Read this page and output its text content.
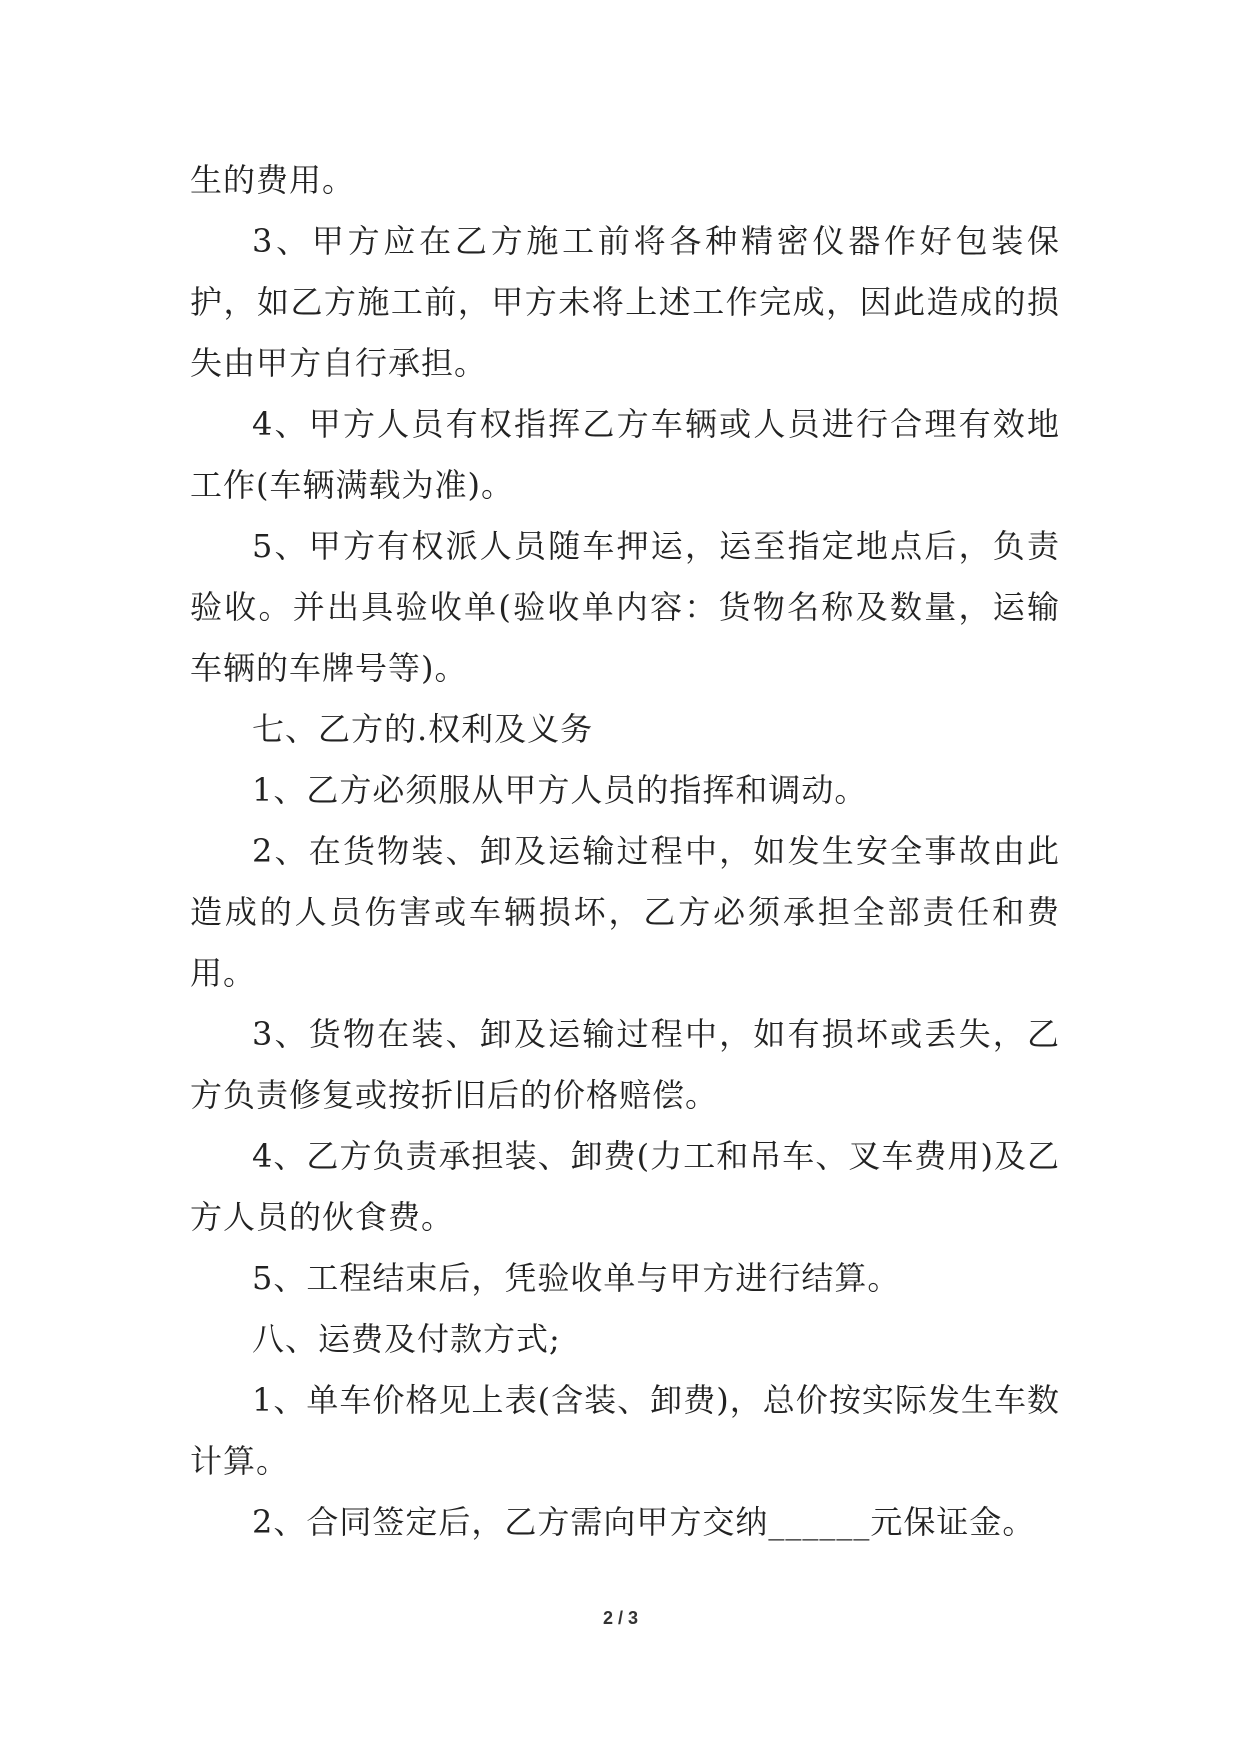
生的费用。

3、甲方应在乙方施工前将各种精密仪器作好包装保护，如乙方施工前，甲方未将上述工作完成，因此造成的损失由甲方自行承担。

4、甲方人员有权指挥乙方车辆或人员进行合理有效地工作(车辆满载为准)。

5、甲方有权派人员随车押运，运至指定地点后，负责验收。并出具验收单(验收单内容：货物名称及数量，运输车辆的车牌号等)。

七、乙方的.权利及义务

1、乙方必须服从甲方人员的指挥和调动。

2、在货物装、卸及运输过程中，如发生安全事故由此造成的人员伤害或车辆损坏，乙方必须承担全部责任和费用。

3、货物在装、卸及运输过程中，如有损坏或丢失，乙方负责修复或按折旧后的价格赔偿。

4、乙方负责承担装、卸费(力工和吊车、叉车费用)及乙方人员的伙食费。

5、工程结束后，凭验收单与甲方进行结算。

八、运费及付款方式;

1、单车价格见上表(含装、卸费)，总价按实际发生车数计算。

2、合同签定后，乙方需向甲方交纳______元保证金。

2 / 3
